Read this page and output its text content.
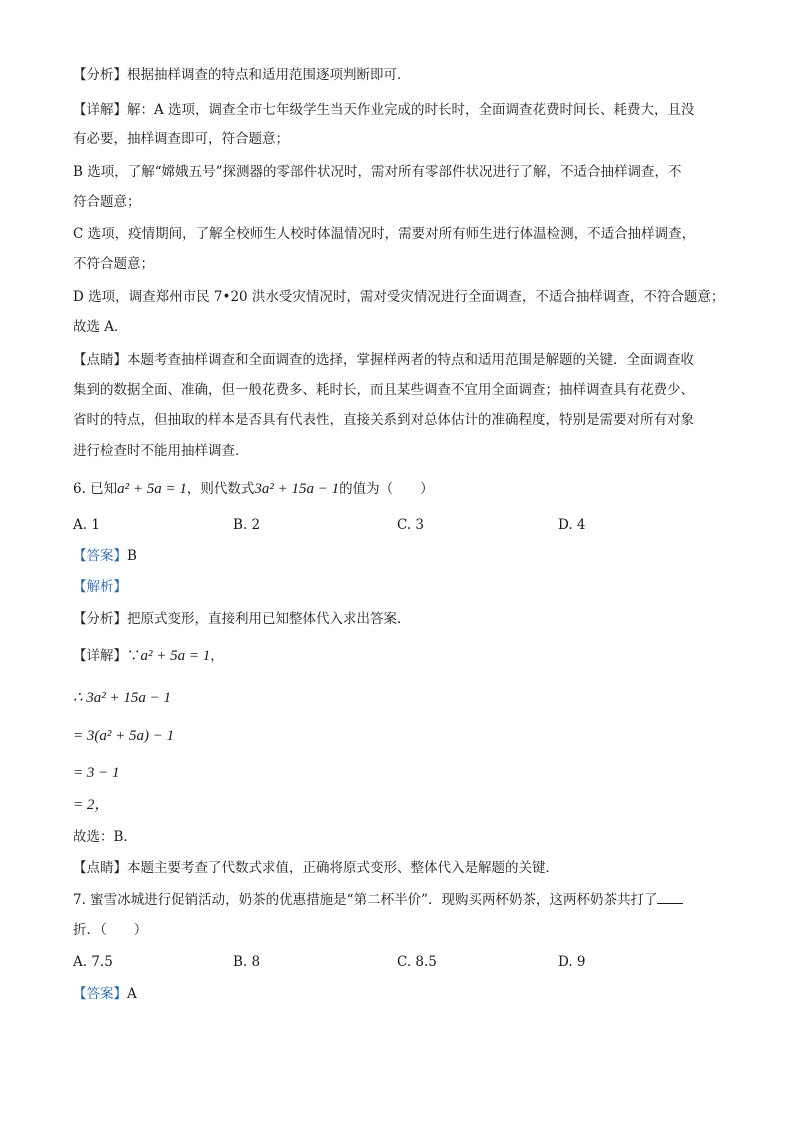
【分析】根据抽样调查的特点和适用范围逐项判断即可．
【详解】解：A 选项，调查全市七年级学生当天作业完成的时长时，全面调查花费时间长、耗费大，且没
有必要，抽样调查即可，符合题意；
B 选项，了解“嫦娥五号”探测器的零部件状况时，需对所有零部件状况进行了解，不适合抽样调查，不
符合题意；
C 选项，疫情期间，了解全校师生人校时体温情况时，需要对所有师生进行体温检测，不适合抽样调查，
不符合题意；
D 选项，调查郑州市民 7•20 洪水受灾情况时，需对受灾情况进行全面调查，不适合抽样调查，不符合题意；
故选 A．
【点睛】本题考查抽样调查和全面调查的选择，掌握样两者的特点和适用范围是解题的关键．全面调查收
集到的数据全面、准确，但一般花费多、耗时长，而且某些调查不宜用全面调查；抽样调查具有花费少、
省时的特点，但抽取的样本是否具有代表性，直接关系到对总体估计的准确程度，特别是需要对所有对象
进行检查时不能用抽样调查．
6. 已知a² + 5a = 1，则代数式3a² + 15a − 1的值为（　　）
A. 1	B. 2	C. 3	D. 4
【答案】B
【解析】
【分析】把原式变形，直接利用已知整体代入求出答案．
【详解】∵a² + 5a = 1，
∴ 3a² + 15a − 1
= 3(a² + 5a) − 1
= 3 − 1
= 2，
故选：B．
【点睛】本题主要考查了代数式求值，正确将原式变形、整体代入是解题的关键．
7. 蜜雪冰城进行促销活动，奶茶的优惠措施是“第二杯半价”．现购买两杯奶茶，这两杯奶茶共打了
折．（　　）
A. 7.5	B. 8	C. 8.5	D. 9
【答案】A
